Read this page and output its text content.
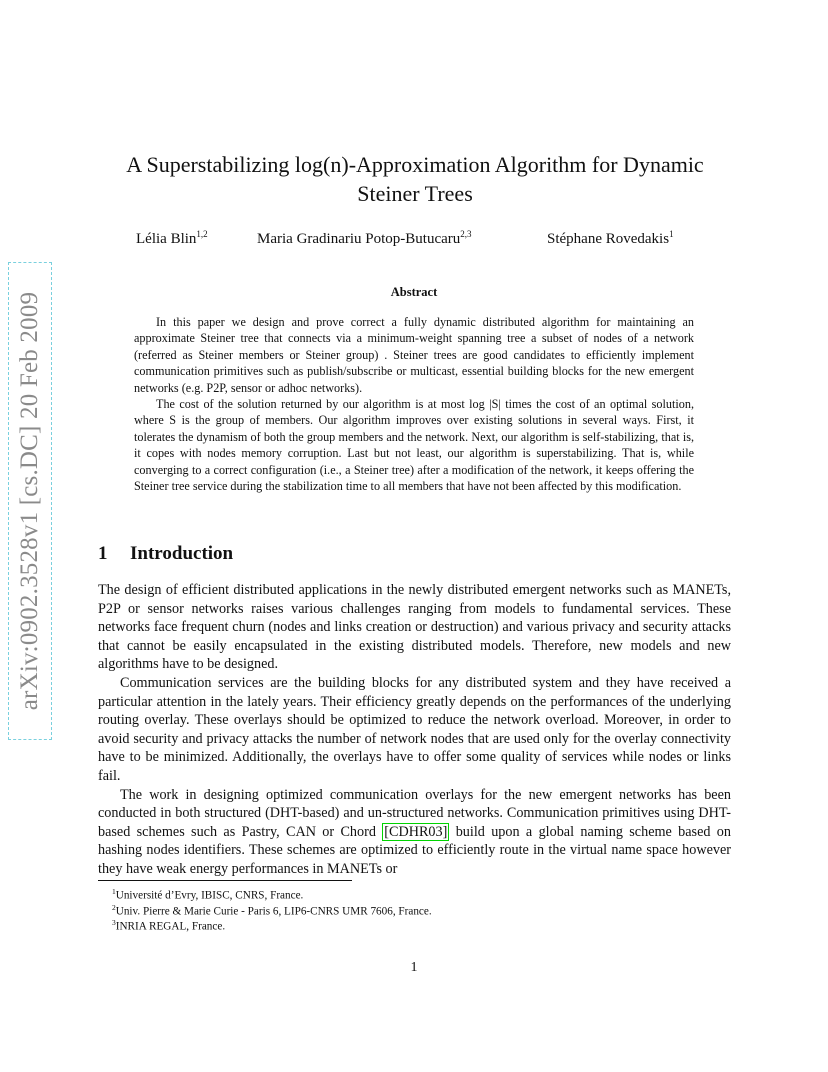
arXiv:0902.3528v1 [cs.DC] 20 Feb 2009
A Superstabilizing log(n)-Approximation Algorithm for Dynamic Steiner Trees
Lélia Blin$^{1,2}$	Maria Gradinariu Potop-Butucaru$^{2,3}$	Stéphane Rovedakis$^1$
Abstract

In this paper we design and prove correct a fully dynamic distributed algorithm for maintaining an approximate Steiner tree that connects via a minimum-weight spanning tree a subset of nodes of a network (referred as Steiner members or Steiner group) . Steiner trees are good candidates to efficiently implement communication primitives such as publish/subscribe or multicast, essential building blocks for the new emergent networks (e.g. P2P, sensor or adhoc networks).

The cost of the solution returned by our algorithm is at most log |S| times the cost of an optimal solution, where S is the group of members. Our algorithm improves over existing solutions in several ways. First, it tolerates the dynamism of both the group members and the network. Next, our algorithm is self-stabilizing, that is, it copes with nodes memory corruption. Last but not least, our algorithm is superstabilizing. That is, while converging to a correct configuration (i.e., a Steiner tree) after a modification of the network, it keeps offering the Steiner tree service during the stabilization time to all members that have not been affected by this modification.

1 Introduction

The design of efficient distributed applications in the newly distributed emergent networks such as MANETs, P2P or sensor networks raises various challenges ranging from models to fundamental services. These networks face frequent churn (nodes and links creation or destruction) and various privacy and security attacks that cannot be easily encapsulated in the existing distributed models. Therefore, new models and new algorithms have to be designed.

Communication services are the building blocks for any distributed system and they have received a particular attention in the lately years. Their efficiency greatly depends on the performances of the underlying routing overlay. These overlays should be optimized to reduce the network overload. Moreover, in order to avoid security and privacy attacks the number of network nodes that are used only for the overlay connectivity have to be minimized. Additionally, the overlays have to offer some quality of services while nodes or links fail.

The work in designing optimized communication overlays for the new emergent networks has been conducted in both structured (DHT-based) and un-structured networks. Communication primitives using DHT-based schemes such as Pastry, CAN or Chord [CDHR03] build upon a global naming scheme based on hashing nodes identifiers. These schemes are optimized to efficiently route in the virtual name space however they have weak energy performances in MANETs or

$^1$Université d’Evry, IBISC, CNRS, France.
$^2$Univ. Pierre & Marie Curie - Paris 6, LIP6-CNRS UMR 7606, France.
$^3$INRIA REGAL, France.
1
